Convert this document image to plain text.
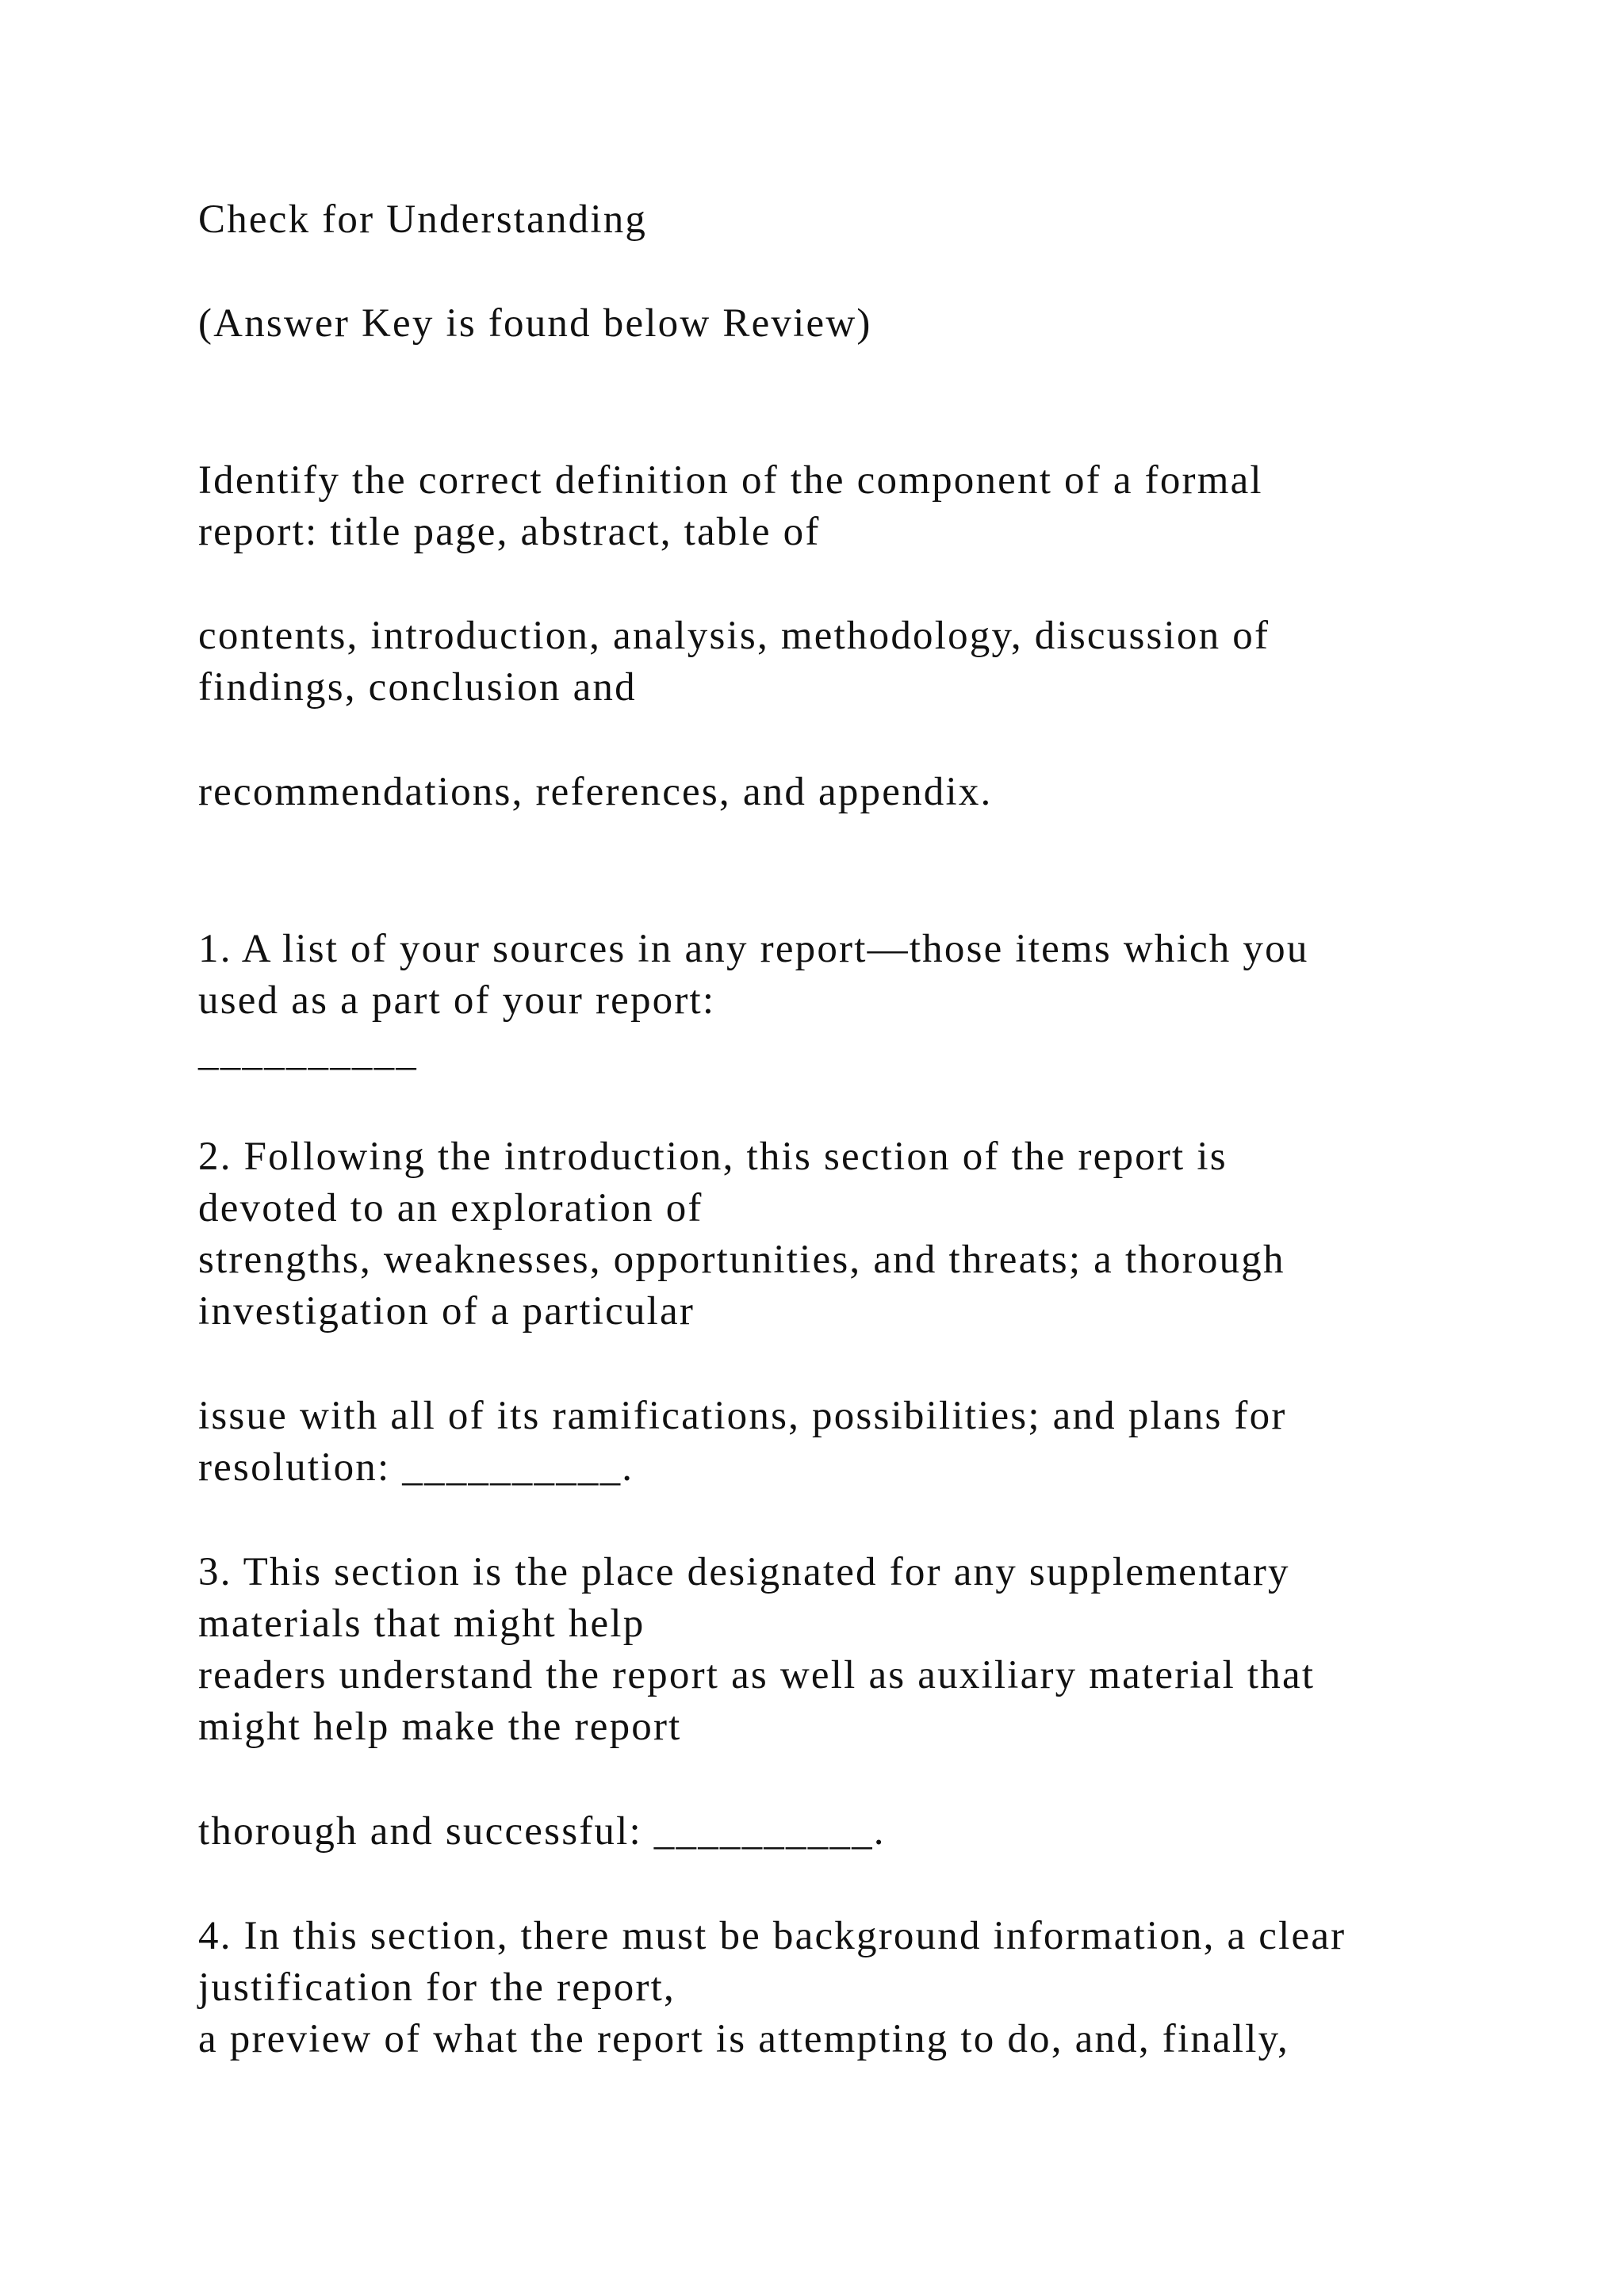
Check for Understanding

(Answer Key is found below Review)

Identify the correct definition of the component of a formal

report: title page, abstract, table of

contents, introduction, analysis, methodology, discussion of

findings, conclusion and

recommendations, references, and appendix.

1. A list of your sources in any report—those items which you

used as a part of your report:

__________

2. Following the introduction, this section of the report is

devoted to an exploration of

strengths, weaknesses, opportunities, and threats; a thorough

investigation of a particular

issue with all of its ramifications, possibilities; and plans for

resolution: __________.

3. This section is the place designated for any supplementary

materials that might help

readers understand the report as well as auxiliary material that

might help make the report

thorough and successful: __________.

4. In this section, there must be background information, a clear

justification for the report,

a preview of what the report is attempting to do, and, finally,
